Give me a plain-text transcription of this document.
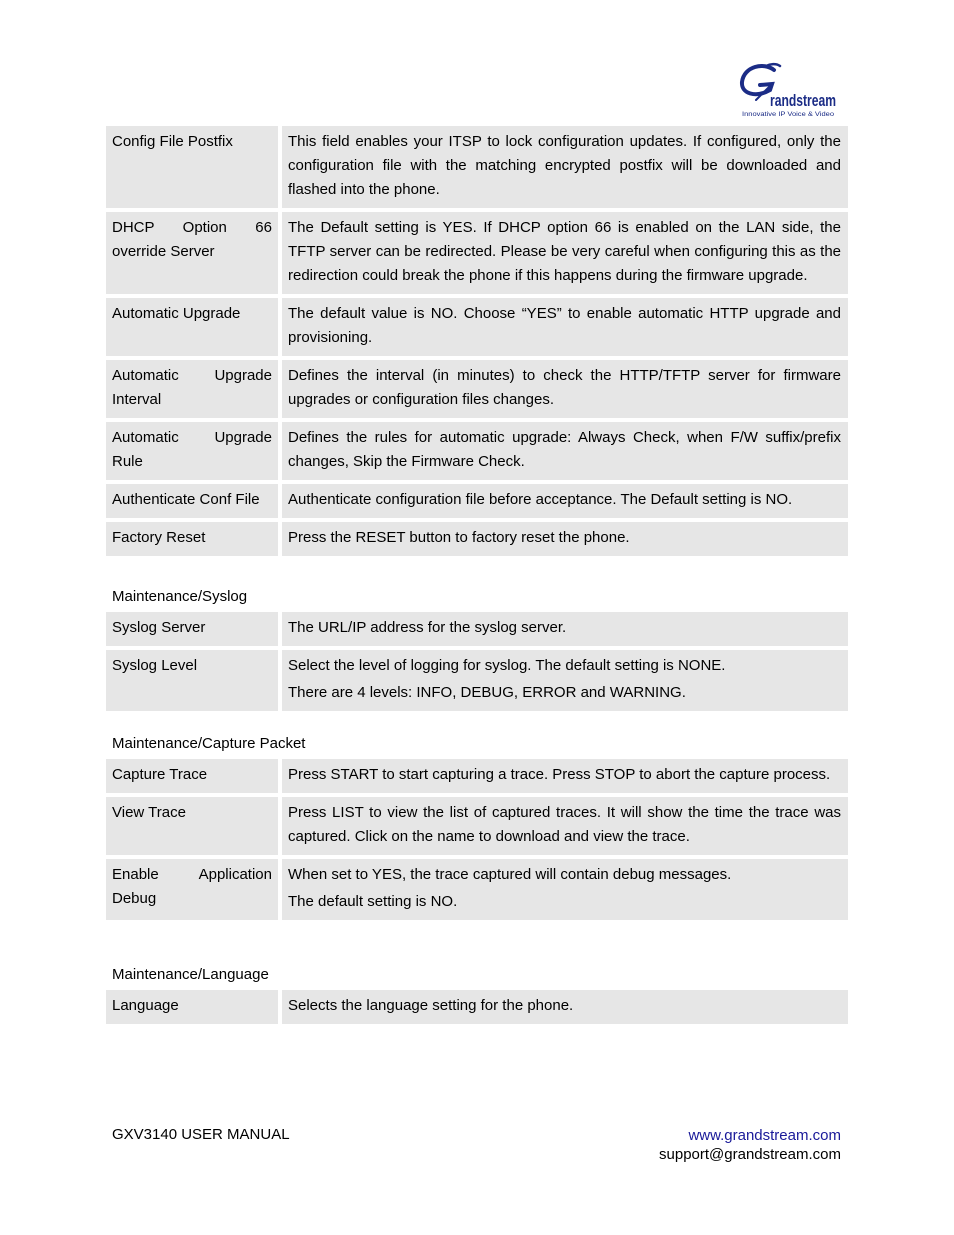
randstream
Innovative IP Voice & Video
Config File Postfix	This field enables your ITSP to lock configuration updates. If configured, only the configuration file with the matching encrypted postfix will be downloaded and flashed into the phone.

DHCP Option 66 override Server	The Default setting is YES. If DHCP option 66 is enabled on the LAN side, the TFTP server can be redirected. Please be very careful when configuring this as the redirection could break the phone if this happens during the firmware upgrade.

Automatic Upgrade	The default value is NO. Choose “YES” to enable automatic HTTP upgrade and provisioning.

Automatic Upgrade Interval	Defines the interval (in minutes) to check the HTTP/TFTP server for firmware upgrades or configuration files changes.

Automatic Upgrade Rule	Defines the rules for automatic upgrade: Always Check, when F/W suffix/prefix changes, Skip the Firmware Check.

Authenticate Conf File	Authenticate configuration file before acceptance. The Default setting is NO.

Factory Reset	Press the RESET button to factory reset the phone.
Maintenance/Syslog
Syslog Server	The URL/IP address for the syslog server.

Syslog Level	Select the level of logging for syslog. The default setting is NONE.
There are 4 levels: INFO, DEBUG, ERROR and WARNING.
Maintenance/Capture Packet
Capture Trace	Press START to start capturing a trace. Press STOP to abort the capture process.

View Trace	Press LIST to view the list of captured traces. It will show the time the trace was captured. Click on the name to download and view the trace.

Enable Application Debug	When set to YES, the trace captured will contain debug messages.
The default setting is NO.
Maintenance/Language
Language	Selects the language setting for the phone.
GXV3140 USER MANUAL	www.grandstream.com
support@grandstream.com
